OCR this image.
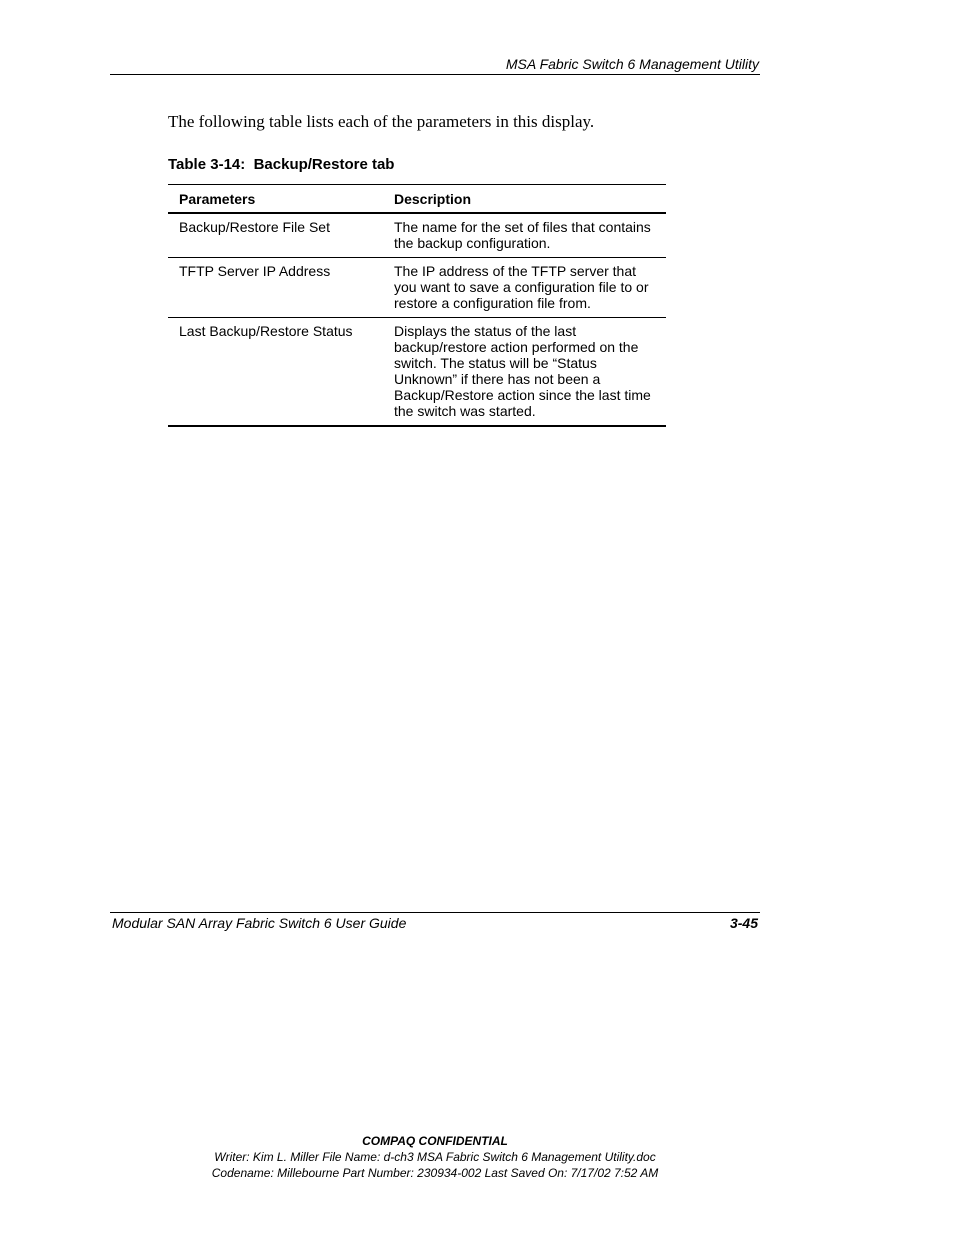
MSA Fabric Switch 6 Management Utility

The following table lists each of the parameters in this display.

Table 3-14:  Backup/Restore tab
Parameters	Description
Backup/Restore File Set	The name for the set of files that contains the backup configuration.
TFTP Server IP Address	The IP address of the TFTP server that you want to save a configuration file to or restore a configuration file from.
Last Backup/Restore Status	Displays the status of the last backup/restore action performed on the switch. The status will be “Status Unknown” if there has not been a Backup/Restore action since the last time the switch was started.
Modular SAN Array Fabric Switch 6 User Guide	3-45
COMPAQ CONFIDENTIAL
Writer: Kim L. Miller File Name: d-ch3 MSA Fabric Switch 6 Management Utility.doc
Codename: Millebourne Part Number: 230934-002 Last Saved On: 7/17/02 7:52 AM
